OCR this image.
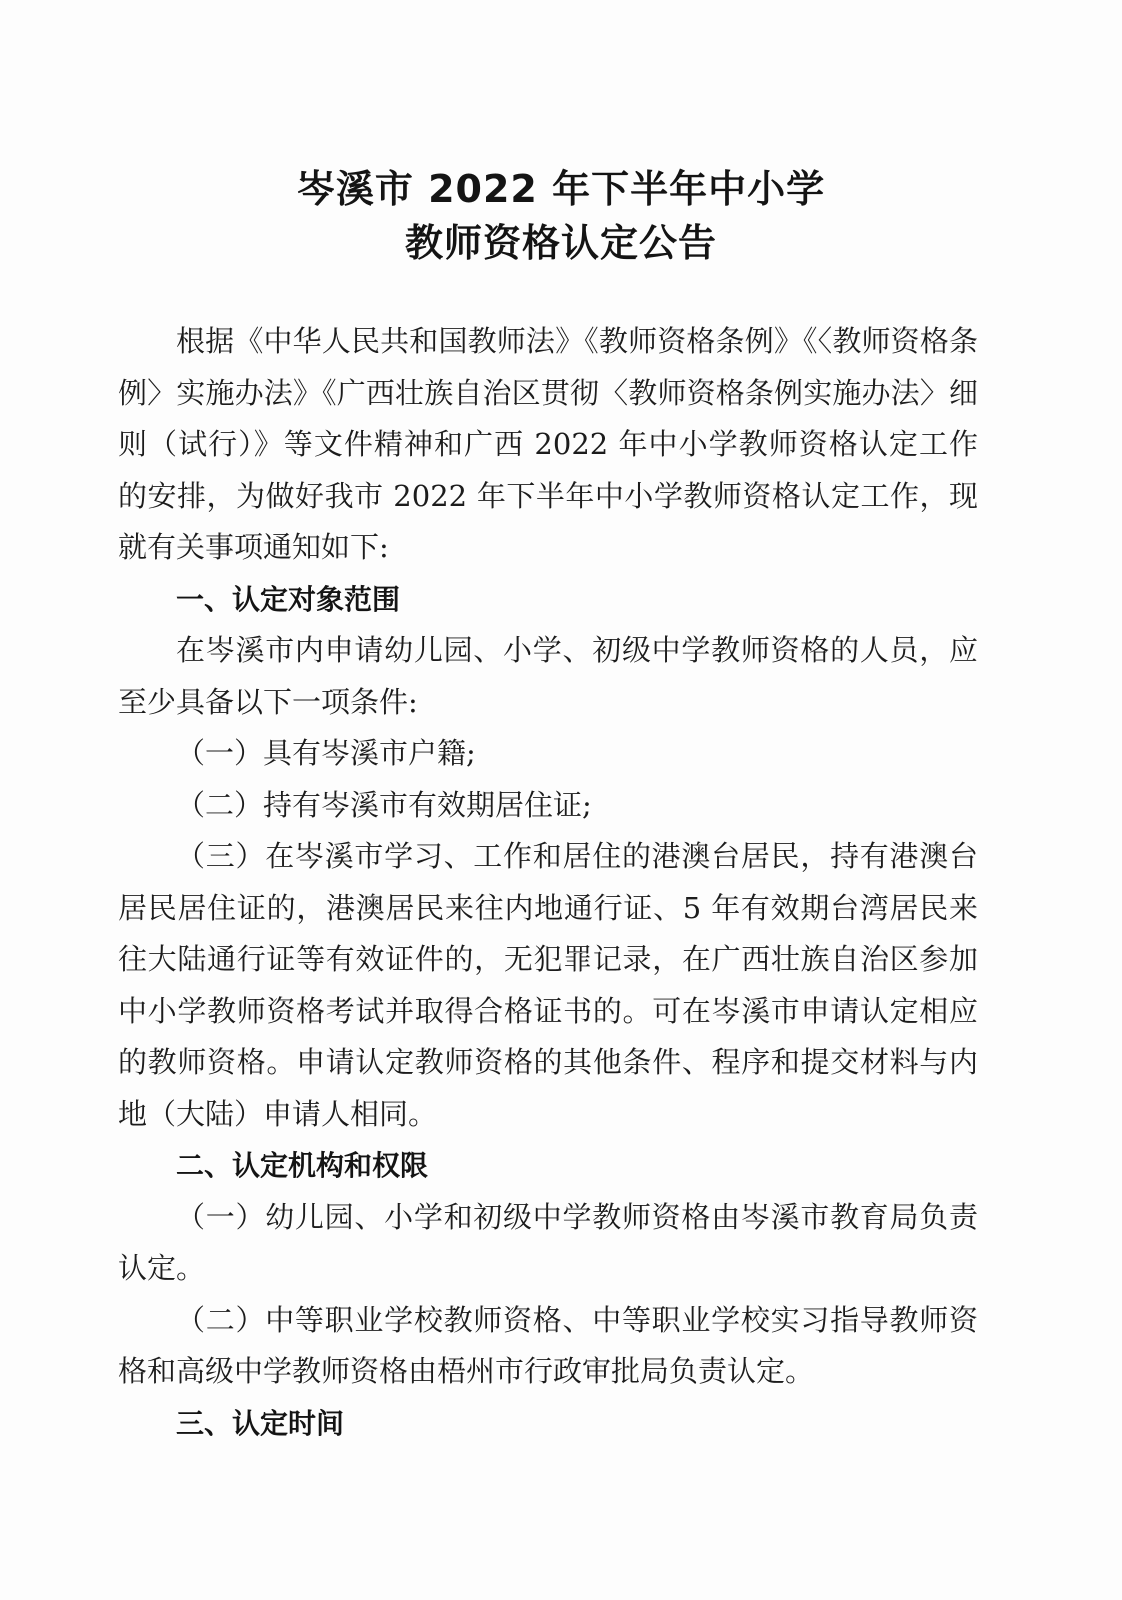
岑溪市 2022 年下半年中小学
教师资格认定公告

根据《中华人民共和国教师法》《教师资格条例》《〈教师资格条例〉实施办法》《广西壮族自治区贯彻〈教师资格条例实施办法〉细则（试行）》等文件精神和广西 2022 年中小学教师资格认定工作的安排，为做好我市 2022 年下半年中小学教师资格认定工作，现就有关事项通知如下:

一、认定对象范围

在岑溪市内申请幼儿园、小学、初级中学教师资格的人员，应至少具备以下一项条件:

（一）具有岑溪市户籍;

（二）持有岑溪市有效期居住证;

（三）在岑溪市学习、工作和居住的港澳台居民，持有港澳台居民居住证的，港澳居民来往内地通行证、5 年有效期台湾居民来往大陆通行证等有效证件的，无犯罪记录，在广西壮族自治区参加中小学教师资格考试并取得合格证书的。可在岑溪市申请认定相应的教师资格。申请认定教师资格的其他条件、程序和提交材料与内地（大陆）申请人相同。

二、认定机构和权限

（一）幼儿园、小学和初级中学教师资格由岑溪市教育局负责认定。

（二）中等职业学校教师资格、中等职业学校实习指导教师资格和高级中学教师资格由梧州市行政审批局负责认定。

三、认定时间
